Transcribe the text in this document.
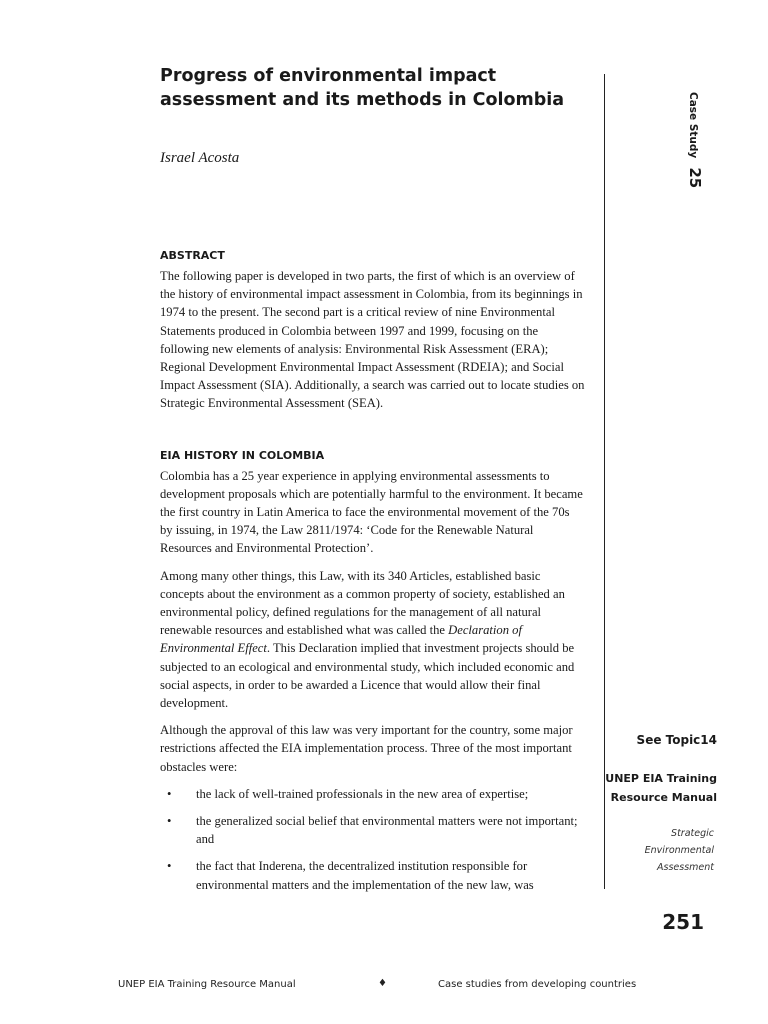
Progress of environmental impact assessment and its methods in Colombia
Israel Acosta	Case Study 25
ABSTRACT

The following paper is developed in two parts, the first of which is an overview of the history of environmental impact assessment in Colombia, from its beginnings in 1974 to the present. The second part is a critical review of nine Environmental Statements produced in Colombia between 1997 and 1999, focusing on the following new elements of analysis: Environmental Risk Assessment (ERA); Regional Development Environmental Impact Assessment (RDEIA); and Social Impact Assessment (SIA). Additionally, a search was carried out to locate studies on Strategic Environmental Assessment (SEA).

EIA HISTORY IN COLOMBIA

Colombia has a 25 year experience in applying environmental assessments to development proposals which are potentially harmful to the environment. It became the first country in Latin America to face the environmental movement of the 70s by issuing, in 1974, the Law 2811/1974: ‘Code for the Renewable Natural Resources and Environmental Protection’.

Among many other things, this Law, with its 340 Articles, established basic concepts about the environment as a common property of society, established an environmental policy, defined regulations for the management of all natural renewable resources and established what was called the Declaration of Environmental Effect. This Declaration implied that investment projects should be subjected to an ecological and environmental study, which included economic and social aspects, in order to be awarded a Licence that would allow their final development.

Although the approval of this law was very important for the country, some major restrictions affected the EIA implementation process. Three of the most important obstacles were:

• the lack of well-trained professionals in the new area of expertise;
• the generalized social belief that environmental matters were not important; and
• the fact that Inderena, the decentralized institution responsible for environmental matters and the implementation of the new law, was
See Topic14
UNEP EIA Training
Resource Manual
Strategic
Environmental
Assessment
251
UNEP EIA Training Resource Manual	♦	Case studies from developing countries
